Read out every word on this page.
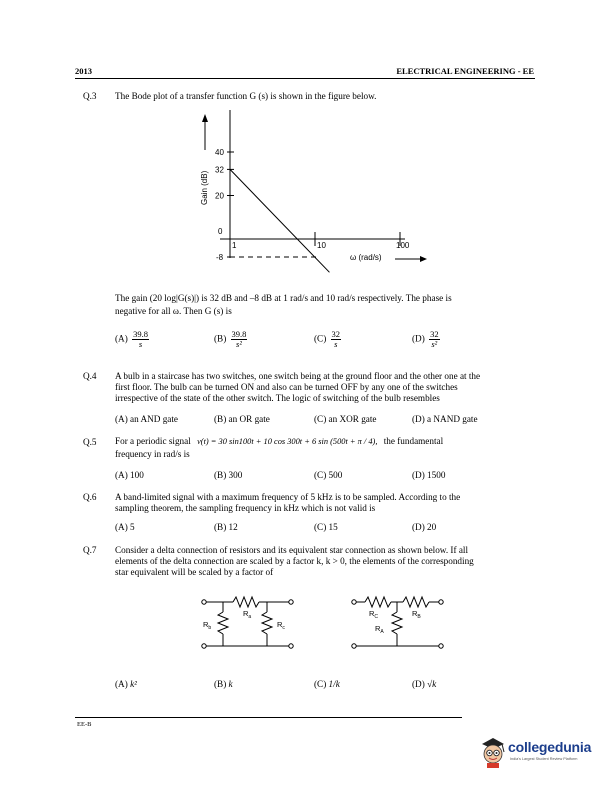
2013	ELECTRICAL ENGINEERING - EE
Q.3 The Bode plot of a transfer function G (s) is shown in the figure below.
Gain (dB)
40
32
20
0
-8
1	10	100
ω (rad/s)
The gain (20 log|G(s)|) is 32 dB and –8 dB at 1 rad/s and 10 rad/s respectively. The phase is
negative for all ω. Then G (s) is
$(A) \frac{39.8}{s}$	$(B) \frac{39.8}{\text{s²}}$	$(C) \frac{32}{s}$	$(D) \frac{32}{\text{s²}}$
Q.4 A bulb in a staircase has two switches, one switch being at the ground floor and the other one at the
first floor. The bulb can be turned ON and also can be turned OFF by any one of the switches
irrespective of the state of the other switch. The logic of switching of the bulb resembles
(A) an AND gate	(B) an OR gate	(C) an XOR gate	(D) a NAND gate
Q.5 For a periodic signal v(t) = 30 sin100t + 10 cos 300t + 6 sin (500t + π / 4), the fundamental
frequency in rad/s is
(A) 100	(B) 300	(C) 500	(D) 1500
Q.6 A band-limited signal with a maximum frequency of 5 kHz is to be sampled. According to the
sampling theorem, the sampling frequency in kHz which is not valid is
(A) 5	(B) 12	(C) 15	(D) 20
Q.7 Consider a delta connection of resistors and its equivalent star connection as shown below. If all
elements of the delta connection are scaled by a factor k, k > 0, the elements of the corresponding
star equivalent will be scaled by a factor of
$R_a$
$R_b$	$R_c$
$R_C$	$R_B$
$R_A$
(A) k²	(B) k	(C) 1/k	(D) √k
EE-B
collegedunia
India's Largest Student Review Platform
